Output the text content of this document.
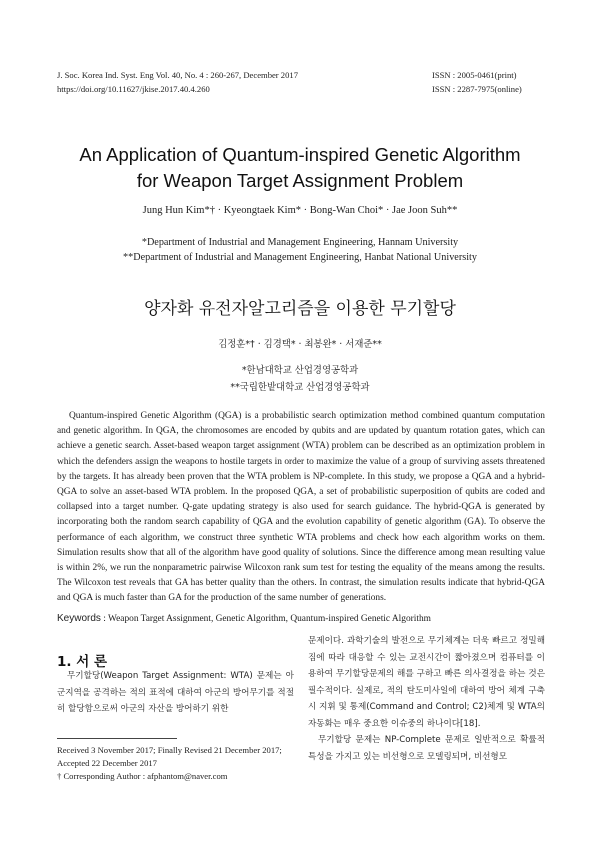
J. Soc. Korea Ind. Syst. Eng Vol. 40, No. 4 : 260-267, December 2017
https://doi.org/10.11627/jkise.2017.40.4.260
ISSN : 2005-0461(print)
ISSN : 2287-7975(online)
An Application of Quantum-inspired Genetic Algorithm
for Weapon Target Assignment Problem
Jung Hun Kim*† · Kyeongtaek Kim* · Bong-Wan Choi* · Jae Joon Suh**
*Department of Industrial and Management Engineering, Hannam University
**Department of Industrial and Management Engineering, Hanbat National University
양자화 유전자알고리즘을 이용한 무기할당
김정훈*† · 김경택* · 최봉완* · 서재준**
*한남대학교 산업경영공학과
**국립한밭대학교 산업경영공학과
Quantum-inspired Genetic Algorithm (QGA) is a probabilistic search optimization method combined quantum computation and genetic algorithm. In QGA, the chromosomes are encoded by qubits and are updated by quantum rotation gates, which can achieve a genetic search. Asset-based weapon target assignment (WTA) problem can be described as an optimization problem in which the defenders assign the weapons to hostile targets in order to maximize the value of a group of surviving assets threatened by the targets. It has already been proven that the WTA problem is NP-complete. In this study, we propose a QGA and a hybrid-QGA to solve an asset-based WTA problem. In the proposed QGA, a set of probabilistic superposition of qubits are coded and collapsed into a target number. Q-gate updating strategy is also used for search guidance. The hybrid-QGA is generated by incorporating both the random search capability of QGA and the evolution capability of genetic algorithm (GA). To observe the performance of each algorithm, we construct three synthetic WTA problems and check how each algorithm works on them. Simulation results show that all of the algorithm have good quality of solutions. Since the difference among mean resulting value is within 2%, we run the nonparametric pairwise Wilcoxon rank sum test for testing the equality of the means among the results. The Wilcoxon test reveals that GA has better quality than the others. In contrast, the simulation results indicate that hybrid-QGA and QGA is much faster than GA for the production of the same number of generations.
Keywords : Weapon Target Assignment, Genetic Algorithm, Quantum-inspired Genetic Algorithm
1. 서 론

무기할당(Weapon Target Assignment: WTA) 문제는 아군지역을 공격하는 적의 표적에 대하여 아군의 방어무기를 적절히 할당함으로써 아군의 자산을 방어하기 위한

문제이다. 과학기술의 발전으로 무기체계는 더욱 빠르고 정밀해짐에 따라 대응할 수 있는 교전시간이 짧아졌으며 컴퓨터를 이용하여 무기할당문제의 해를 구하고 빠른 의사결정을 하는 것은 필수적이다. 실제로, 적의 탄도미사일에 대하여 방어 체계 구축 시 지휘 및 통제(Command and Control; C2)체계 및 WTA의 자동화는 매우 중요한 이슈중의 하나이다[18].

무기할당 문제는 NP-Complete 문제로 일반적으로 확률적 특성을 가지고 있는 비선형으로 모델링되며, 비선형모

Received 3 November 2017; Finally Revised 21 December 2017;
Accepted 22 December 2017
† Corresponding Author : afphantom@naver.com
